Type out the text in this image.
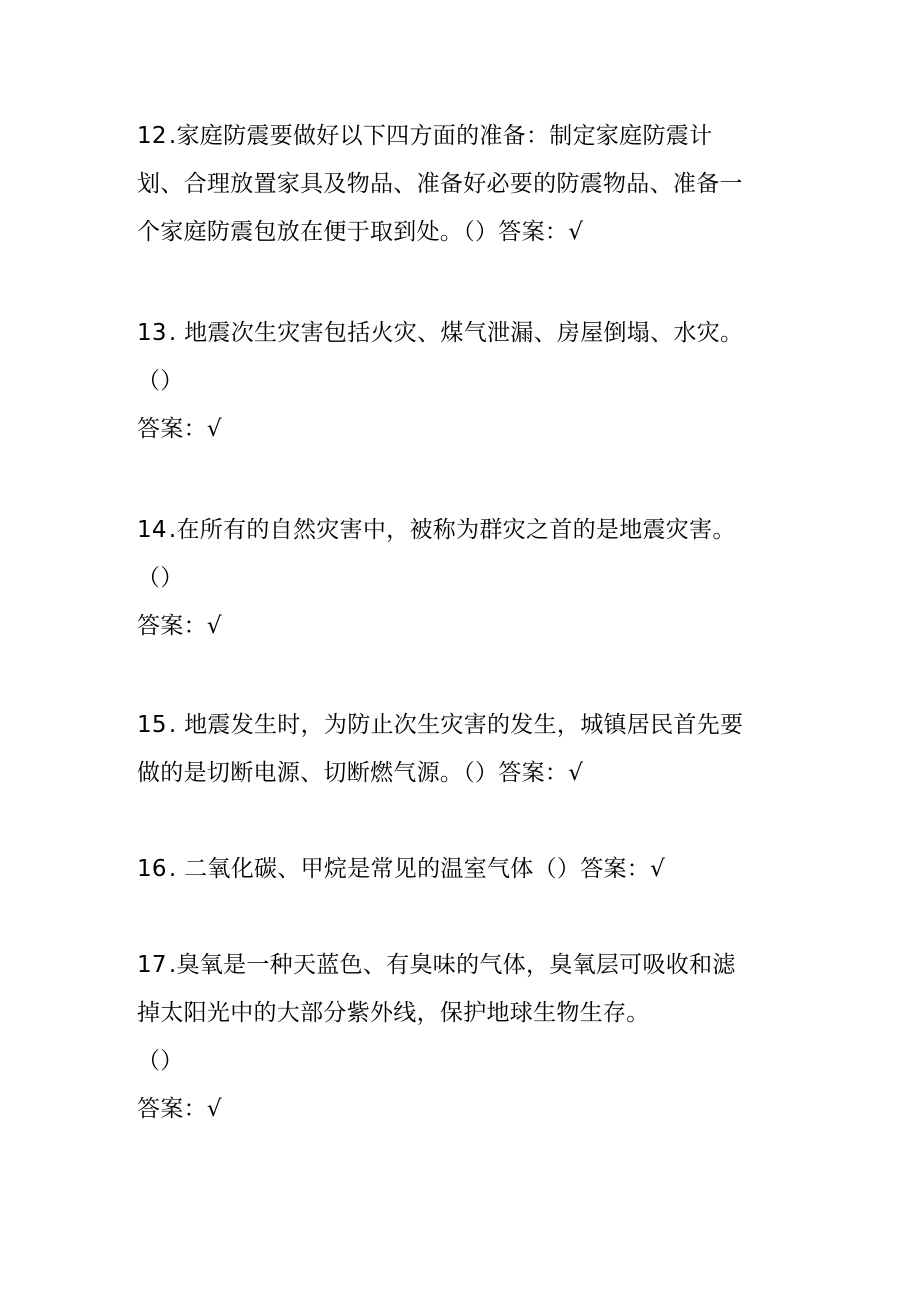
12.家庭防震要做好以下四方面的准备：制定家庭防震计
划、合理放置家具及物品、准备好必要的防震物品、准备一
个家庭防震包放在便于取到处。（）答案：√
13. 地震次生灾害包括火灾、煤气泄漏、房屋倒塌、水灾。
（）
答案：√
14.在所有的自然灾害中，被称为群灾之首的是地震灾害。
（）
答案：√
15. 地震发生时，为防止次生灾害的发生，城镇居民首先要
做的是切断电源、切断燃气源。（）答案：√
16. 二氧化碳、甲烷是常见的温室气体（）答案：√
17.臭氧是一种天蓝色、有臭味的气体，臭氧层可吸收和滤
掉太阳光中的大部分紫外线，保护地球生物生存。
（）
答案：√
